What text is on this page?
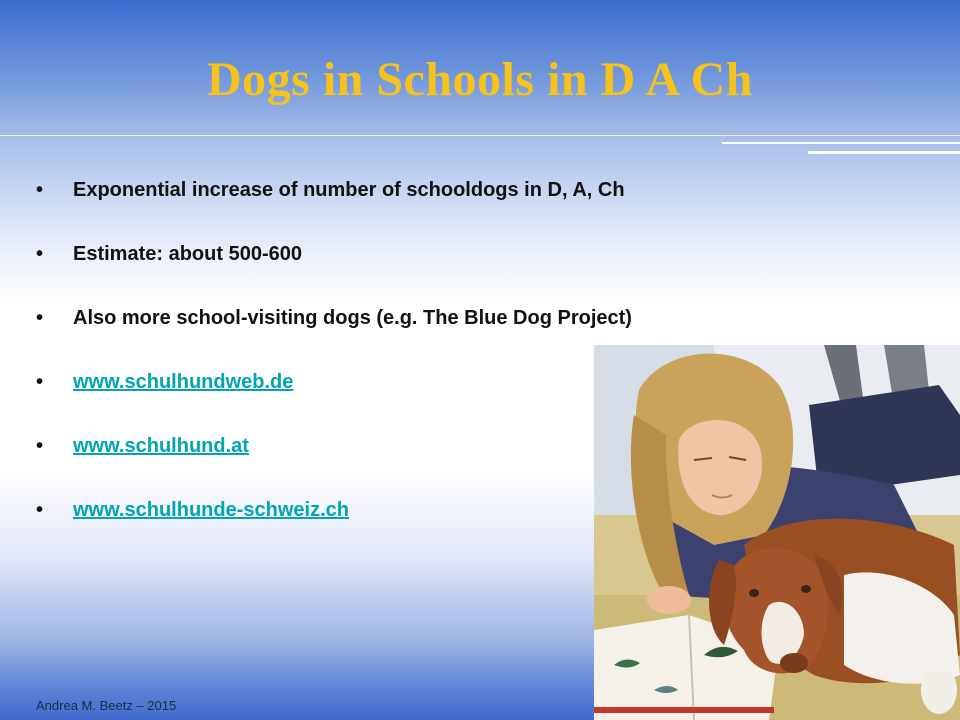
Dogs in Schools in D A Ch
• Exponential increase of number of schooldogs in D, A, Ch
• Estimate: about 500-600
• Also more school-visiting dogs (e.g. The Blue Dog Project)
• www.schulhundweb.de
• www.schulhund.at
• www.schulhunde-schweiz.ch
Andrea M. Beetz – 2015
